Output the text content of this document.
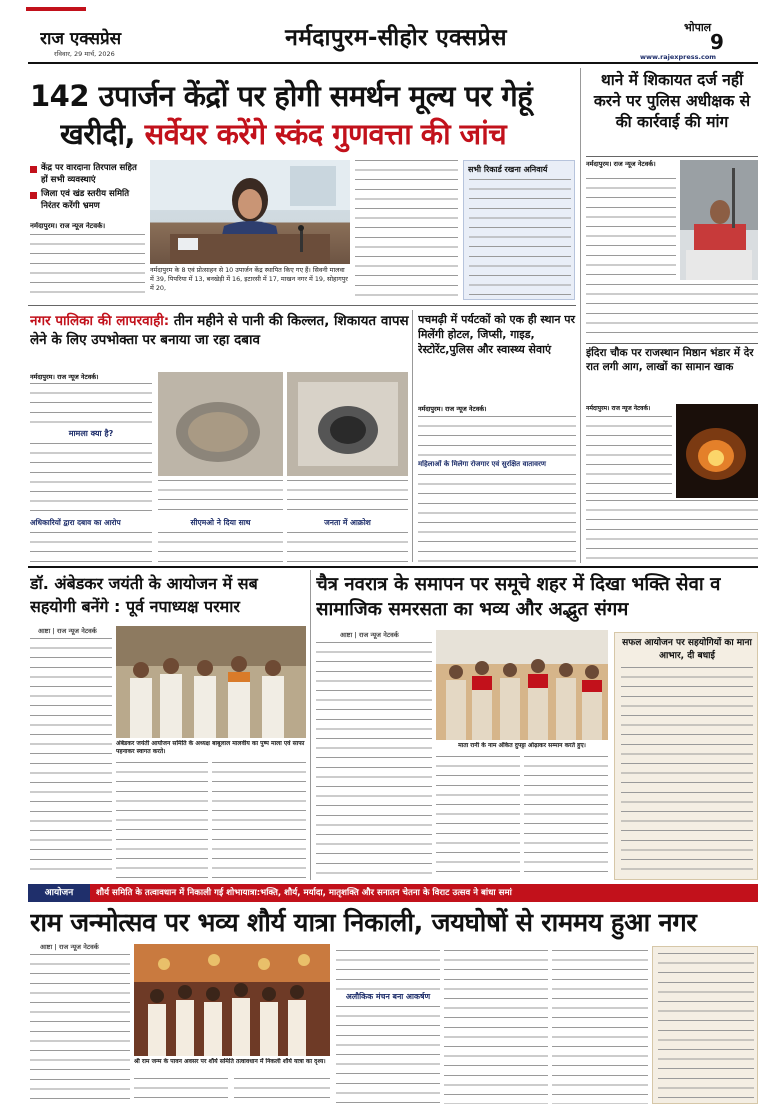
राज एक्सप्रेस
रविवार, 29 मार्च, 2026
नर्मदापुरम-सीहोर एक्सप्रेस	भोपाल
9
www.rajexpress.com
142 उपार्जन केंद्रों पर होगी समर्थन मूल्य पर गेहूं
खरीदी, सर्वेयर करेंगे स्कंद गुणवत्ता की जांच
केंद्र पर वारदाना तिरपाल सहित हों सभी व्यवस्थाएं
जिला एवं खंड स्तरीय समिति निरंतर करेंगी भ्रमण
नर्मदापुरम। राज न्यूज नेटवर्क।
नर्मदापुरम के 8 एवं प्रोत्साहन से 10 उपार्जन केंद्र स्थापित किए गए हैं। सिवनी मालवा में 39, पिपरिया में 13, बनखेड़ी में 16, इटारसी में 17, माखन नगर में 19, सोहागपुर में 20,
सभी रिकार्ड रखना अनिवार्य
थाने में शिकायत दर्ज नहीं करने पर पुलिस अधीक्षक से की कार्रवाई की मांग
नर्मदापुरम। राज न्यूज नेटवर्क।
इंदिरा चौक पर राजस्थान मिष्ठान भंडार में देर रात लगी आग, लाखों का सामान खाक
नर्मदापुरम। राज न्यूज नेटवर्क।
नगर पालिका की लापरवाही: तीन महीने से पानी की किल्लत, शिकायत वापस लेने के लिए उपभोक्ता पर बनाया जा रहा दबाव
नर्मदापुरम। राज न्यूज नेटवर्क।
मामला क्या है?
अधिकारियों द्वारा दबाव का आरोप	सीएमओ ने दिया साथ	जनता में आक्रोश
पचमढ़ी में पर्यटकों को एक ही स्थान पर मिलेंगी होटल, जिप्सी, गाइड, रेस्टोरेंट,पुलिस और स्वास्थ्य सेवाएं
नर्मदापुरम। राज न्यूज नेटवर्क।
महिलाओं के मिलेगा रोजगार एवं सुरक्षित वातावरण
डॉ. अंबेडकर जयंती के आयोजन में सब सहयोगी बनेंगे : पूर्व नपाध्यक्ष परमार
आष्टा | राज न्यूज नेटवर्क
अंबेडकर जयंती आयोजन समिति के अध्यक्ष बाबूलाल मालवीय का पुष्प माला एवं साफा पहनाकर स्वागत करते।
चैत्र नवरात्र के समापन पर समूचे शहर में दिखा भक्ति सेवा व सामाजिक समरसता का भव्य और अद्भुत संगम
आष्टा | राज न्यूज नेटवर्क
माता रानी के नाम अंकित दुपट्टा ओढ़ाकर सम्मान करते हुए।
सफल आयोजन पर सहयोगियों का माना आभार, दी बधाई
आयोजन	शौर्य समिति के तत्वावधान में निकाली गई शोभायात्रा:भक्ति, शौर्य, मर्यादा, मातृशक्ति और सनातन चेतना के विराट उत्सव ने बांधा समां
राम जन्मोत्सव पर भव्य शौर्य यात्रा निकाली, जयघोषों से राममय हुआ नगर
आष्टा | राज न्यूज नेटवर्क
श्री राम जन्म के पावन अवसर पर शौर्य समिति तत्वावधान में निकली शौर्य यात्रा का दृश्य।
अलौकिक मंचन बना आकर्षण
